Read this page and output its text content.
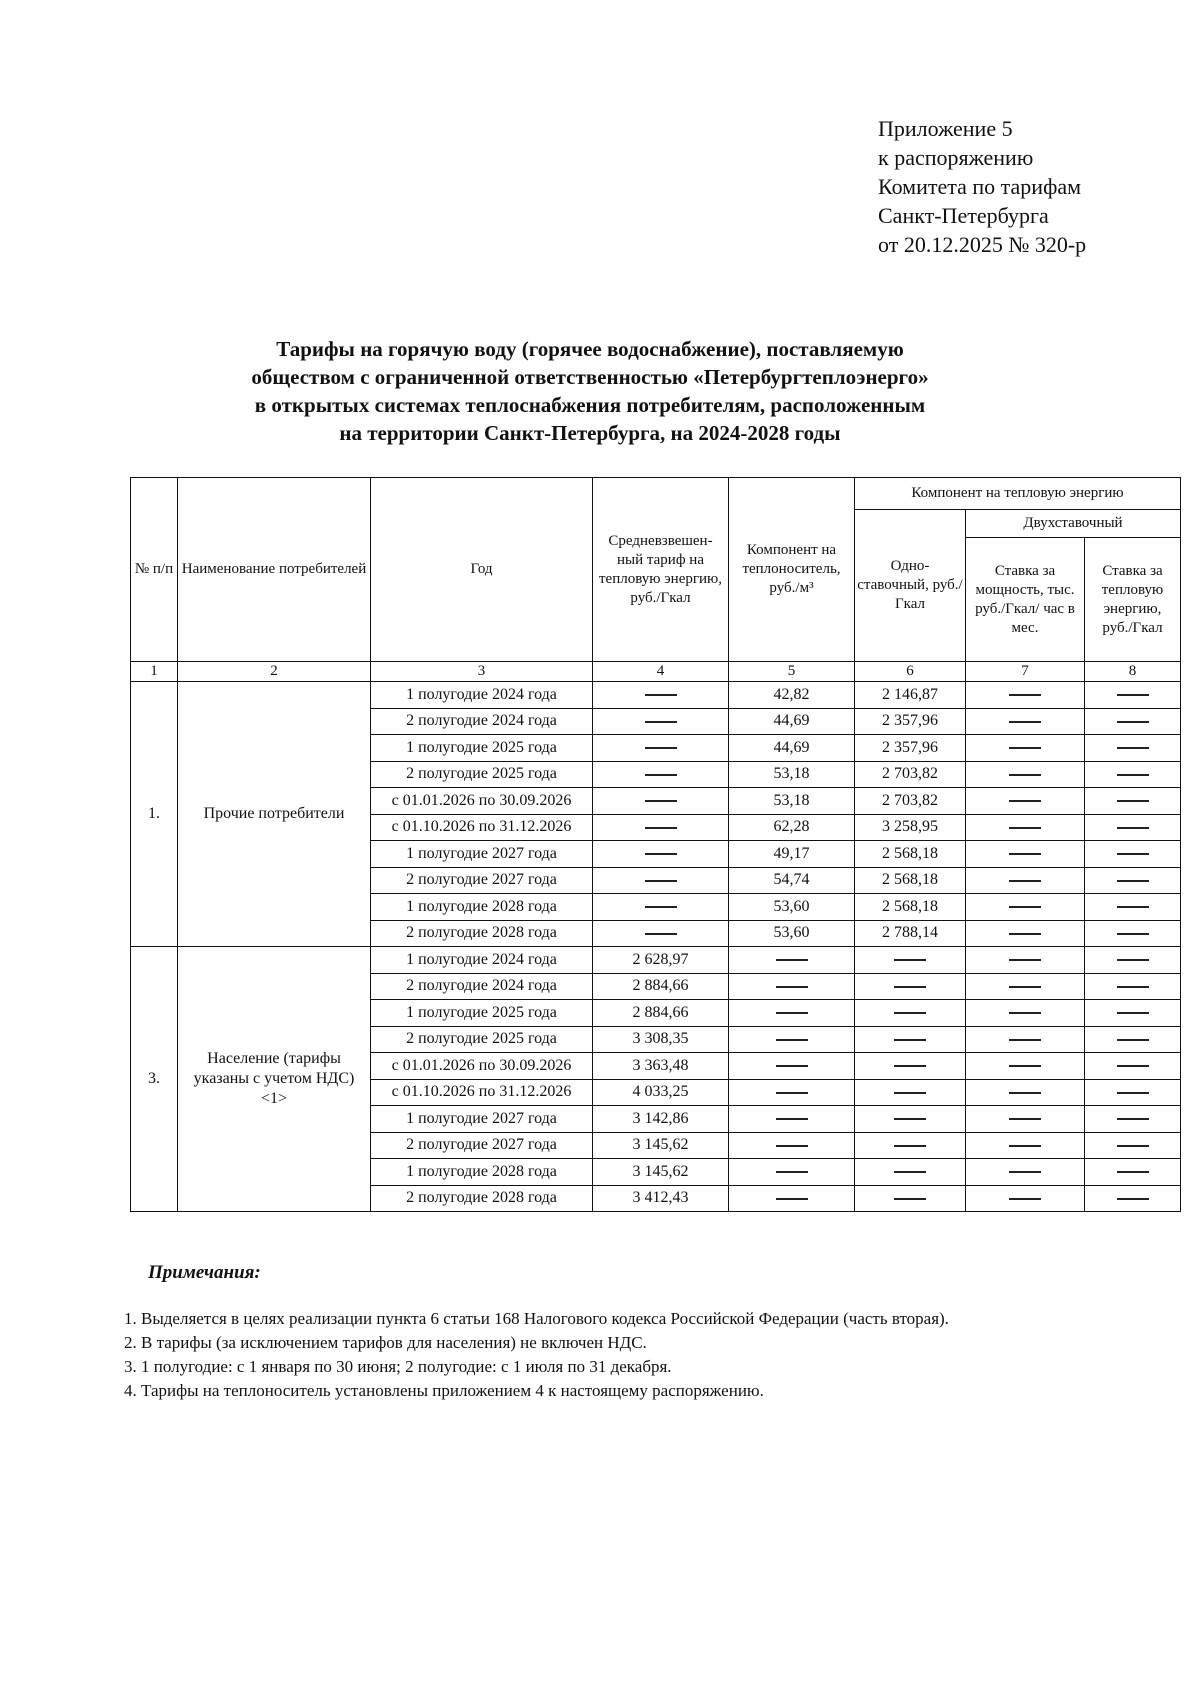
Приложение 5
к распоряжению
Комитета по тарифам
Санкт-Петербурга
от 20.12.2025 № 320-р
Тарифы на горячую воду (горячее водоснабжение), поставляемую
обществом с ограниченной ответственностью «Петербургтеплоэнерго»
в открытых системах теплоснабжения потребителям, расположенным
на территории Санкт-Петербурга, на 2024-2028 годы
№ п/п	Наименование потребителей	Год	Средневзвешен- ный тариф на тепловую энергию, руб./Гкал	Компонент на теплоноситель, руб./м³	Компонент на тепловую энергию		
					Одно- ставочный, руб./Гкал	Двухставочный	
						Ставка за мощность, тыс. руб./Гкал/ час в мес.	Ставка за тепловую энергию, руб./Гкал
1	2	3	4	5	6	7	8
1.	Прочие потребители	1 полугодие 2024 года		42,82	2 146,87		
		2 полугодие 2024 года		44,69	2 357,96		
		1 полугодие 2025 года		44,69	2 357,96		
		2 полугодие 2025 года		53,18	2 703,82		
		с 01.01.2026 по 30.09.2026		53,18	2 703,82		
		с 01.10.2026 по 31.12.2026		62,28	3 258,95		
		1 полугодие 2027 года		49,17	2 568,18		
		2 полугодие 2027 года		54,74	2 568,18		
		1 полугодие 2028 года		53,60	2 568,18		
		2 полугодие 2028 года		53,60	2 788,14		
3.	Население (тарифы указаны с учетом НДС) <1>	1 полугодие 2024 года	2 628,97				
		2 полугодие 2024 года	2 884,66				
		1 полугодие 2025 года	2 884,66				
		2 полугодие 2025 года	3 308,35				
		с 01.01.2026 по 30.09.2026	3 363,48				
		с 01.10.2026 по 31.12.2026	4 033,25				
		1 полугодие 2027 года	3 142,86				
		2 полугодие 2027 года	3 145,62				
		1 полугодие 2028 года	3 145,62				
		2 полугодие 2028 года	3 412,43				
Примечания:
1. Выделяется в целях реализации пункта 6 статьи 168 Налогового кодекса Российской Федерации (часть вторая).
2. В тарифы (за исключением тарифов для населения) не включен НДС.
3. 1 полугодие: с 1 января по 30 июня; 2 полугодие: с 1 июля по 31 декабря.
4. Тарифы на теплоноситель установлены приложением 4 к настоящему распоряжению.
